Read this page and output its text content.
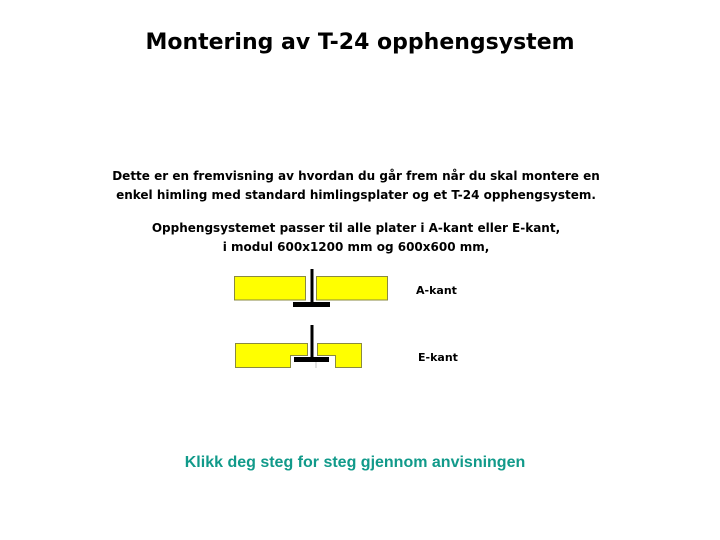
Montering av T-24 opphengsystem

Dette er en fremvisning av hvordan du går frem når du skal montere en

enkel himling med standard himlingsplater og et T-24 opphengsystem.

Opphengsystemet passer til alle plater i A-kant eller E-kant,

i modul 600x1200 mm og 600x600 mm,

A-kant
E-kant
Klikk deg steg for steg gjennom anvisningen
